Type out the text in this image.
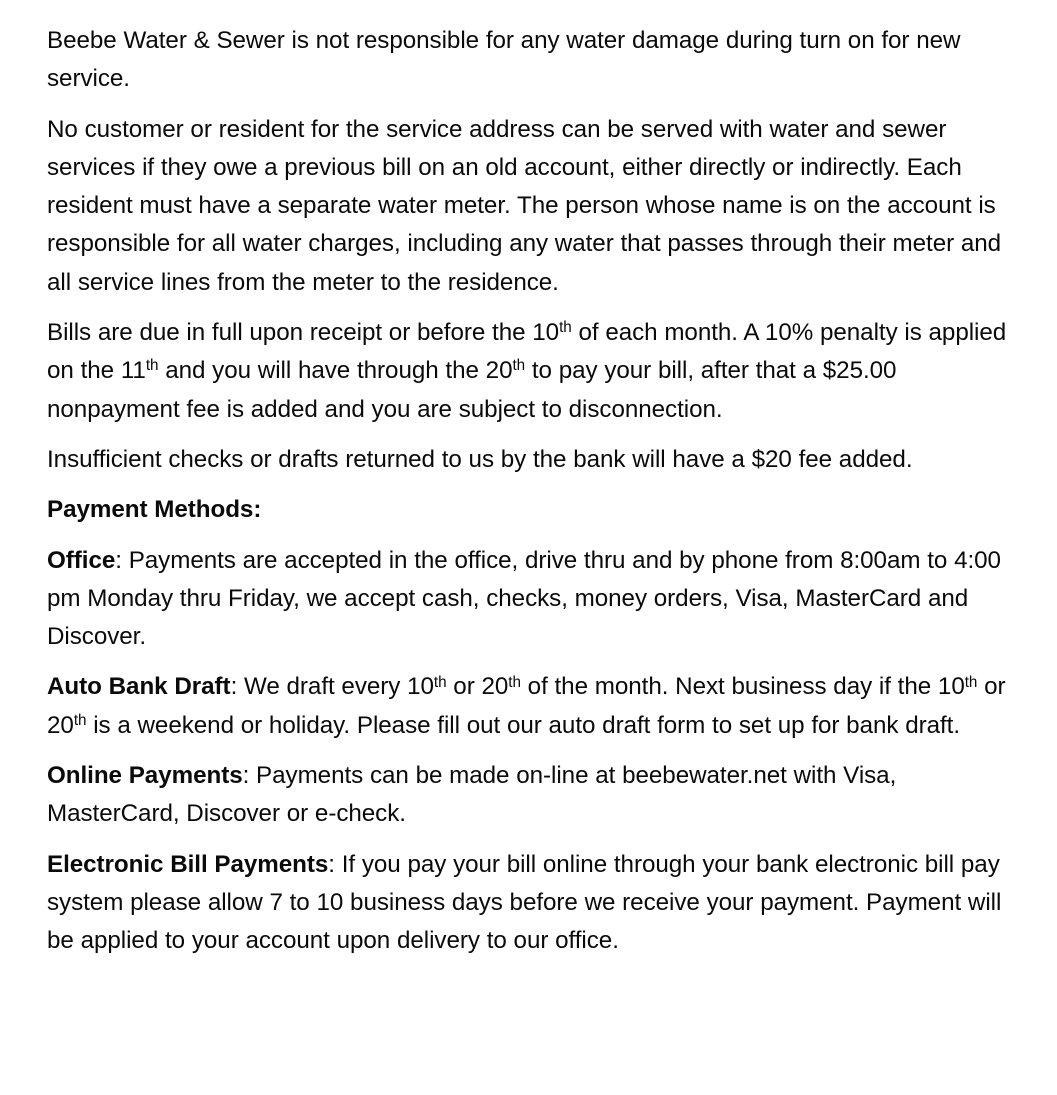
Beebe Water & Sewer is not responsible for any water damage during turn on for new service.

No customer or resident for the service address can be served with water and sewer services if they owe a previous bill on an old account, either directly or indirectly. Each resident must have a separate water meter. The person whose name is on the account is responsible for all water charges, including any water that passes through their meter and all service lines from the meter to the residence.

Bills are due in full upon receipt or before the 10th of each month. A 10% penalty is applied on the 11th and you will have through the 20th to pay your bill, after that a $25.00 nonpayment fee is added and you are subject to disconnection.

Insufficient checks or drafts returned to us by the bank will have a $20 fee added.

Payment Methods:

Office: Payments are accepted in the office, drive thru and by phone from 8:00am to 4:00 pm Monday thru Friday, we accept cash, checks, money orders, Visa, MasterCard and Discover.

Auto Bank Draft: We draft every 10th or 20th of the month. Next business day if the 10th or 20th is a weekend or holiday. Please fill out our auto draft form to set up for bank draft.

Online Payments: Payments can be made on-line at beebewater.net with Visa, MasterCard, Discover or e-check.

Electronic Bill Payments: If you pay your bill online through your bank electronic bill pay system please allow 7 to 10 business days before we receive your payment. Payment will be applied to your account upon delivery to our office.
